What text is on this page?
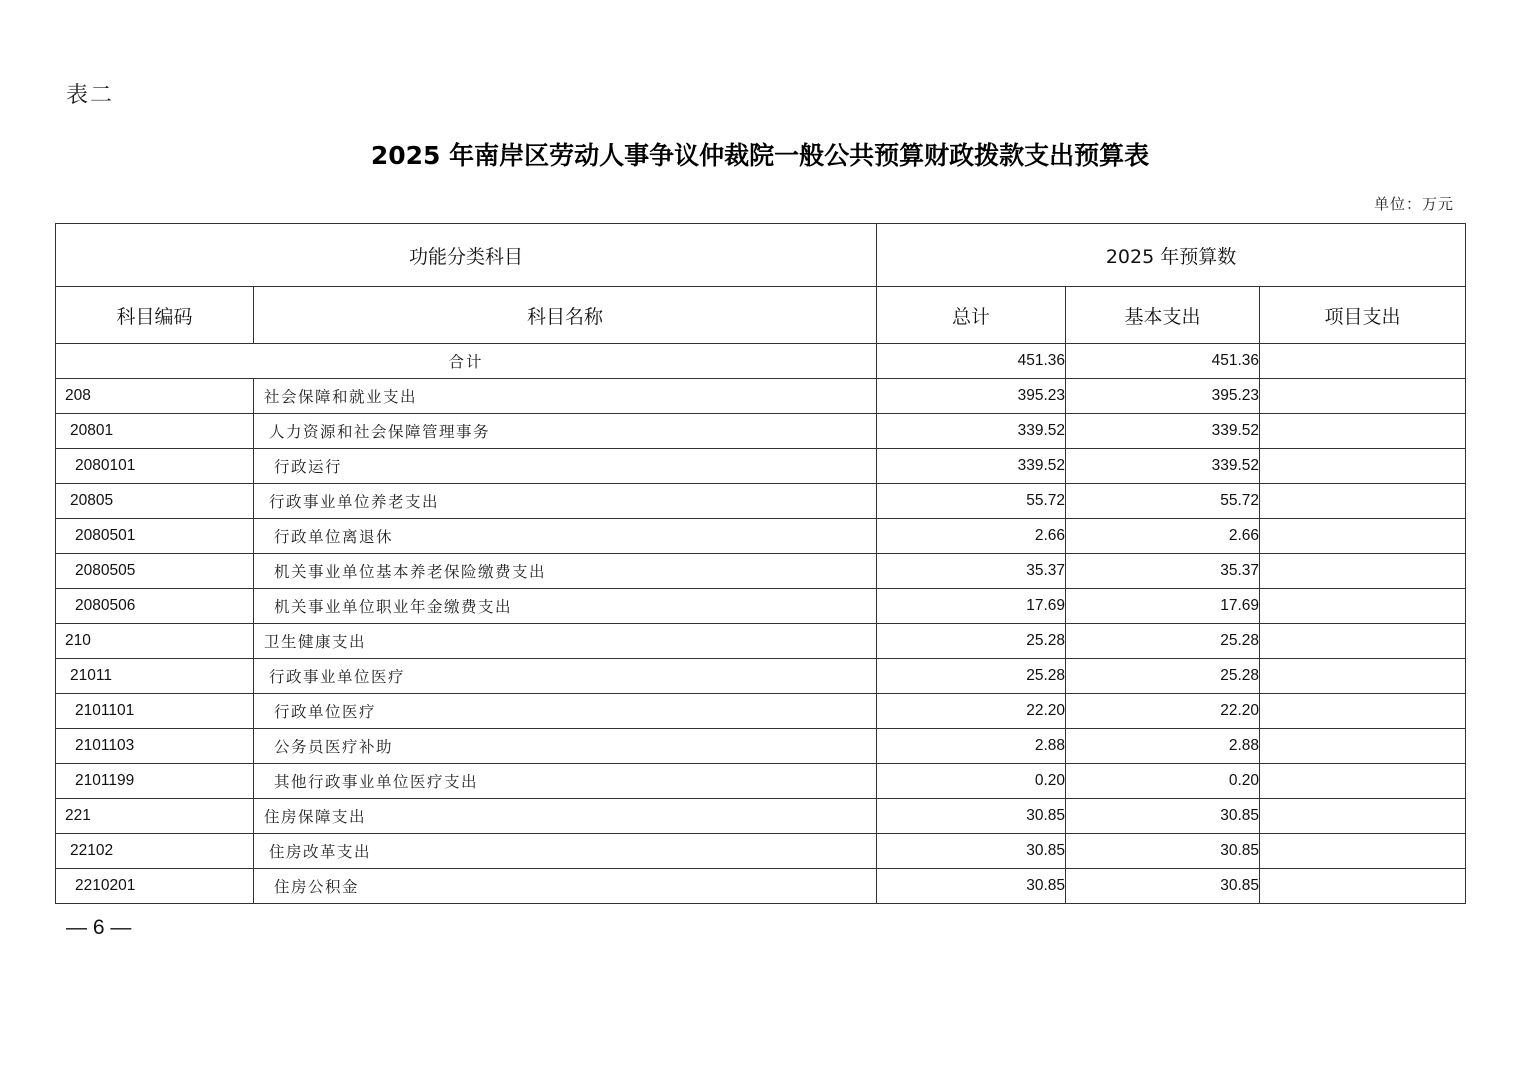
表二
2025 年南岸区劳动人事争议仲裁院一般公共预算财政拨款支出预算表
单位：万元
功能分类科目		2025 年预算数		
科目编码	科目名称	总计	基本支出	项目支出
合计		451.36	451.36	
208	社会保障和就业支出	395.23	395.23	
20801	人力资源和社会保障管理事务	339.52	339.52	
2080101	行政运行	339.52	339.52	
20805	行政事业单位养老支出	55.72	55.72	
2080501	行政单位离退休	2.66	2.66	
2080505	机关事业单位基本养老保险缴费支出	35.37	35.37	
2080506	机关事业单位职业年金缴费支出	17.69	17.69	
210	卫生健康支出	25.28	25.28	
21011	行政事业单位医疗	25.28	25.28	
2101101	行政单位医疗	22.20	22.20	
2101103	公务员医疗补助	2.88	2.88	
2101199	其他行政事业单位医疗支出	0.20	0.20	
221	住房保障支出	30.85	30.85	
22102	住房改革支出	30.85	30.85	
2210201	住房公积金	30.85	30.85	
— 6 —
